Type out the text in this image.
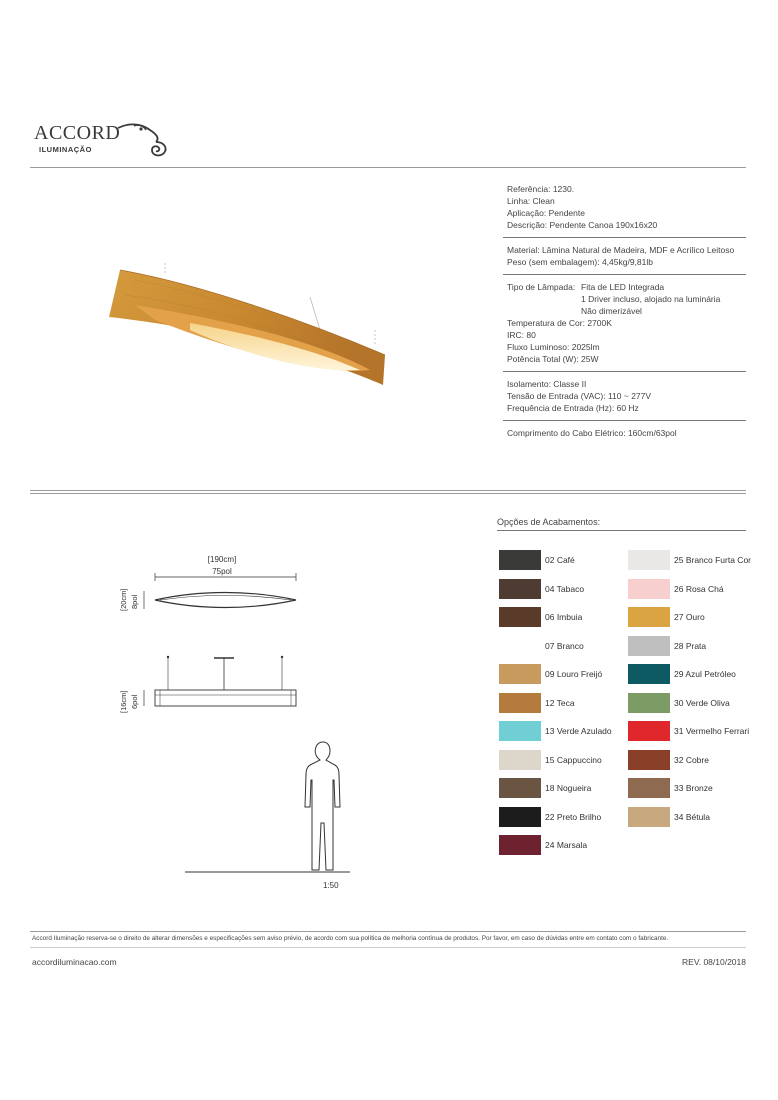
ACCORD
ILUMINAÇÃO
Referência: 1230.
Linha: Clean
Aplicação: Pendente
Descrição: Pendente Canoa 190x16x20
Material: Lâmina Natural de Madeira, MDF e Acrílico Leitoso
Peso (sem embalagem): 4,45kg/9,81lb
Tipo de Lâmpada: Fita de LED Integrada
1 Driver incluso, alojado na luminária
Não dimerizável
Temperatura de Cor: 2700K
IRC: 80
Fluxo Luminoso: 2025lm
Potência Total (W): 25W
Isolamento: Classe II
Tensão de Entrada (VAC): 110 ~ 277V
Frequência de Entrada (Hz): 60 Hz
Comprimento do Cabo Elétrico: 160cm/63pol
[190cm]
75pol
[20cm] 8pol
[16cm] 6pol
1:50
Opções de Acabamentos:
02 Café
04 Tabaco
06 Imbuia
07 Branco
09 Louro Freijó
12 Teca
13 Verde Azulado
15 Cappuccino
18 Nogueira
22 Preto Brilho
24 Marsala
25 Branco Furta Cor
26 Rosa Chá
27 Ouro
28 Prata
29 Azul Petróleo
30 Verde Oliva
31 Vermelho Ferrari
32 Cobre
33 Bronze
34 Bétula
Accord Iluminação reserva-se o direito de alterar dimensões e especificações sem aviso prévio, de acordo com sua política de melhoria contínua de produtos. Por favor, em caso de dúvidas entre em contato com o fabricante.
accordiluminacao.com	REV. 08/10/2018
